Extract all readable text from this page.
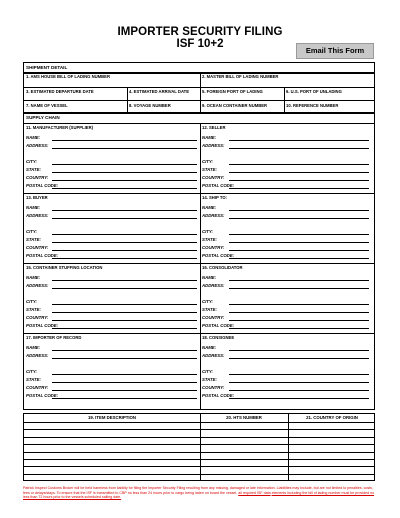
IMPORTER SECURITY FILING
ISF 10+2
Email This Form
SHIPMENT DETAIL
1. AMS HOUSE BILL OF LADING NUMBER	2. MASTER BILL OF LADING NUMBER
3. ESTIMATED DEPARTURE DATE	4. ESTIMATED ARRIVAL DATE	5. FOREIGN PORT OF LADING	6. U.S. PORT OF UNLADING
7. NAME OF VESSEL	8. VOYAGE NUMBER	9. OCEAN CONTAINER NUMBER	10. REFERENCE NUMBER
SUPPLY CHAIN
11. MANUFACTURER (SUPPLIER)
NAME:
ADDRESS:
CITY:
STATE:
COUNTRY:
POSTAL CODE:
12. SELLER
NAME:
ADDRESS:
CITY:
STATE:
COUNTRY:
POSTAL CODE:
13. BUYER
NAME:
ADDRESS:
CITY:
STATE:
COUNTRY:
POSTAL CODE:
14. SHIP TO:
NAME:
ADDRESS:
CITY:
STATE:
COUNTRY:
POSTAL CODE:
15. CONTAINER STUFFING LOCATION
NAME:
ADDRESS:
CITY:
STATE:
COUNTRY:
POSTAL CODE:
16. CONSOLIDATOR
NAME:
ADDRESS:
CITY:
STATE:
COUNTRY:
POSTAL CODE:
17. IMPORTER OF RECORD
NAME:
ADDRESS:
CITY:
STATE:
COUNTRY:
POSTAL CODE:
18. CONSIGNEE
NAME:
ADDRESS:
CITY:
STATE:
COUNTRY:
POSTAL CODE:
19. ITEM DESCRIPTION	20. HTS NUMBER	21. COUNTRY OF ORIGIN
Patrick Inspect Customs Broker will be held harmless from liability for filing the Importer Security Filing resulting from any missing, damaged or late information. Liabilities may include, but are not limited to penalties, costs, fees or delays/stays. To ensure that the ISF is transmitted to CBP no less than 24 hours prior to cargo being laden on board the vessel, all required ISF data elements including the bill of lading number must be provided no less than 72 hours prior to the vessels scheduled sailing date.
